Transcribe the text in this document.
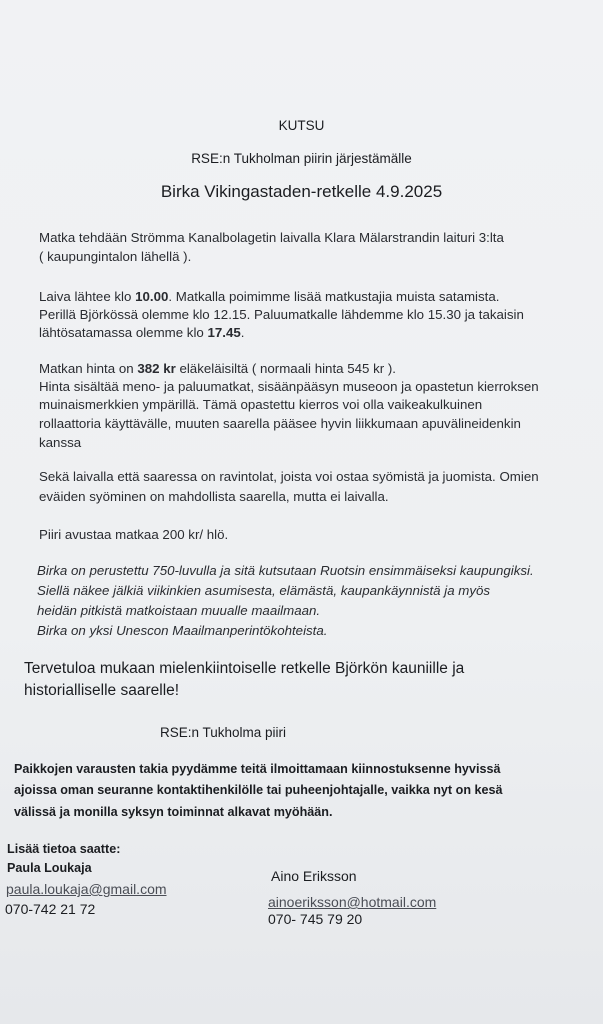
KUTSU
RSE:n Tukholman piirin järjestämälle
Birka Vikingastaden-retkelle 4.9.2025
Matka tehdään Strömma Kanalbolagetin laivalla Klara Mälarstrandin laituri 3:lta
( kaupungintalon lähellä ).
Laiva lähtee klo 10.00. Matkalla poimimme lisää matkustajia muista satamista.
Perillä Björkössä olemme klo 12.15. Paluumatkalle lähdemme klo 15.30 ja takaisin
lähtösatamassa olemme klo 17.45.
Matkan hinta on 382 kr eläkeläisiltä ( normaali hinta 545 kr ).
Hinta sisältää meno- ja paluumatkat, sisäänpääsyn museoon ja opastetun kierroksen
muinaismerkkien ympärillä. Tämä opastettu kierros voi olla vaikeakulkuinen
rollaattoria käyttävälle, muuten saarella pääsee hyvin liikkumaan apuvälineidenkin
kanssa
Sekä laivalla että saaressa on ravintolat, joista voi ostaa syömistä ja juomista. Omien
eväiden syöminen on mahdollista saarella, mutta ei laivalla.
Piiri avustaa matkaa 200 kr/ hlö.
Birka on perustettu 750-luvulla ja sitä kutsutaan Ruotsin ensimmäiseksi kaupungiksi.
Siellä näkee jälkiä viikinkien asumisesta, elämästä, kaupankäynnistä ja myös
heidän pitkistä matkoistaan muualle maailmaan.
Birka on yksi Unescon Maailmanperintökohteista.
Tervetuloa mukaan mielenkiintoiselle retkelle Björkön kauniille ja
historialliselle saarelle!
RSE:n Tukholma piiri
Paikkojen varausten takia pyydämme teitä ilmoittamaan kiinnostuksenne hyvissä
ajoissa oman seuranne kontaktihenkilölle tai puheenjohtajalle, vaikka nyt on kesä
välissä ja monilla syksyn toiminnat alkavat myöhään.
Lisää tietoa saatte:
Paula Loukaja
paula.loukaja@gmail.com
070-742 21 72
Aino Eriksson
ainoeriksson@hotmail.com
070- 745 79 20
